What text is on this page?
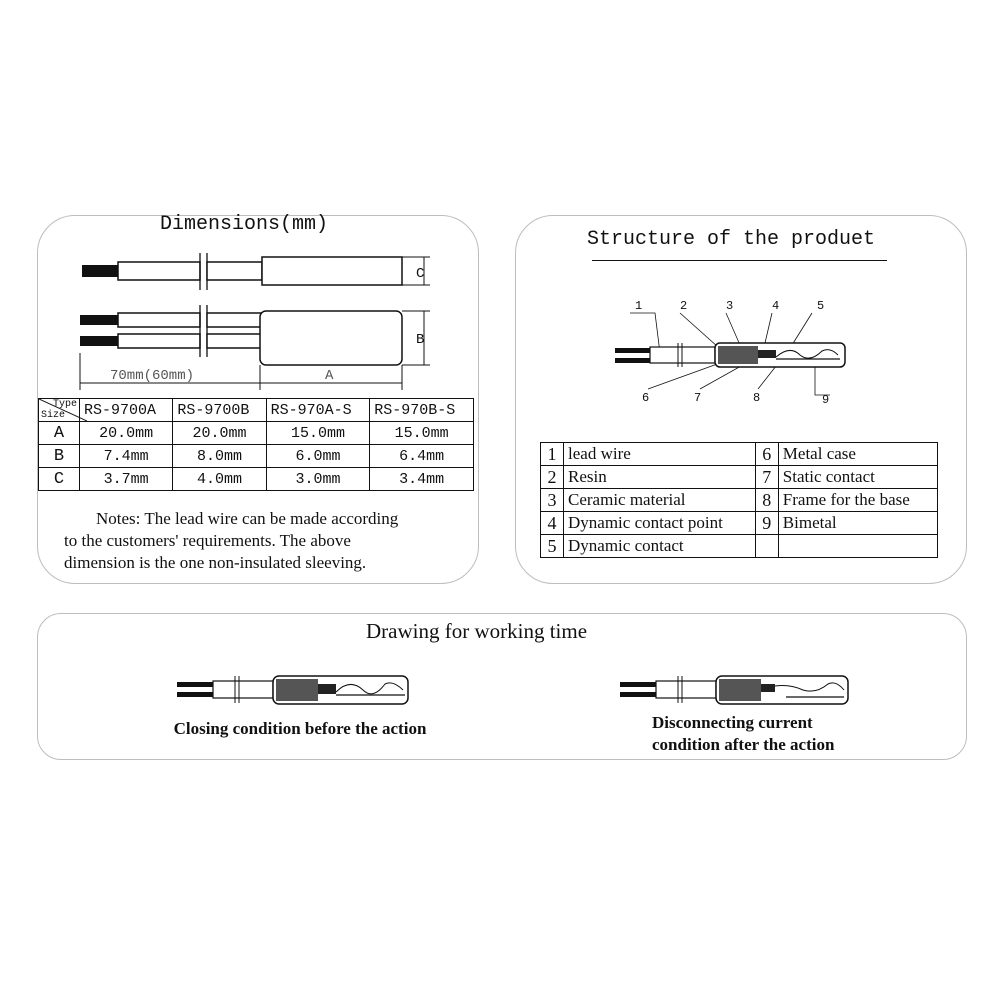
Dimensions(mm)
C
B
70mm(60mm)	A
Type
Size	RS-9700A	RS-9700B	RS-970A-S	RS-970B-S
A	20.0mm	20.0mm	15.0mm	15.0mm
B	7.4mm	8.0mm	6.0mm	6.4mm
C	3.7mm	4.0mm	3.0mm	3.4mm
Notes: The lead wire can be made according
to the customers' requirements. The above
dimension is the one non-insulated sleeving.
Structure of the produet
1	2	3	4	5
6	7	8	9
1	lead wire	6	Metal case
2	Resin	7	Static contact
3	Ceramic material	8	Frame for the base
4	Dynamic contact point	9	Bimetal
5	Dynamic contact		
Drawing for working time
Closing condition before the action	Disconnecting current
condition after the action
